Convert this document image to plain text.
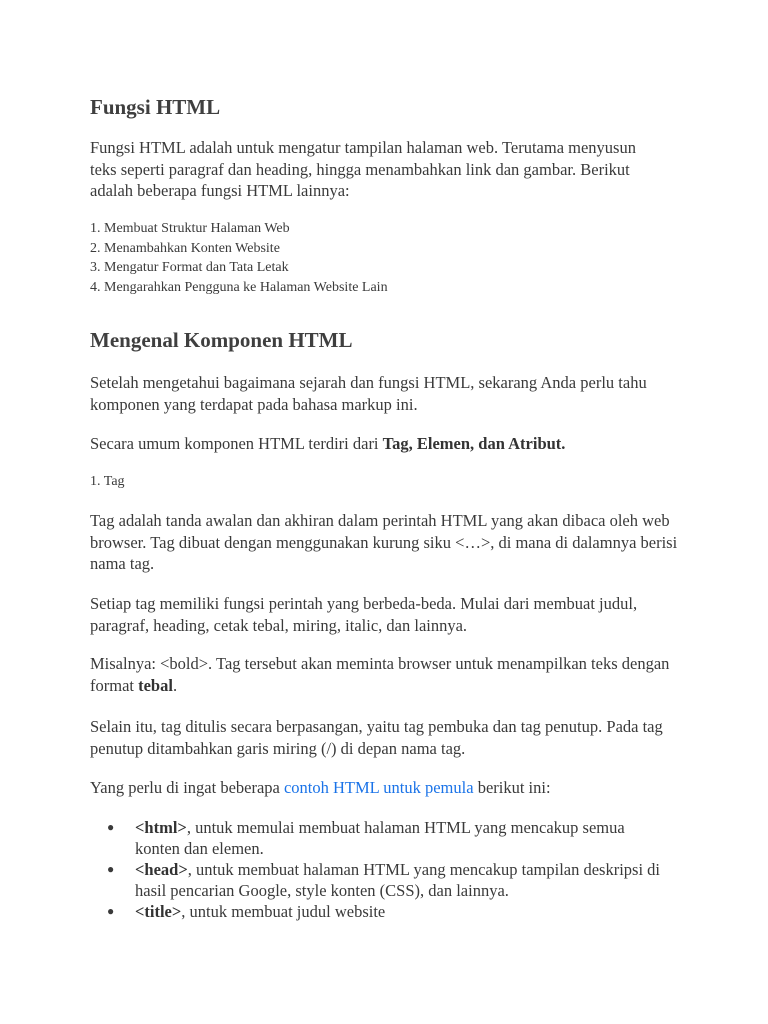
Fungsi HTML

Fungsi HTML adalah untuk mengatur tampilan halaman web. Terutama menyusun teks seperti paragraf dan heading, hingga menambahkan link dan gambar. Berikut adalah beberapa fungsi HTML lainnya:

1. Membuat Struktur Halaman Web
2. Menambahkan Konten Website
3. Mengatur Format dan Tata Letak
4. Mengarahkan Pengguna ke Halaman Website Lain
Mengenal Komponen HTML

Setelah mengetahui bagaimana sejarah dan fungsi HTML, sekarang Anda perlu tahu komponen yang terdapat pada bahasa markup ini.

Secara umum komponen HTML terdiri dari Tag, Elemen, dan Atribut.

1. Tag

Tag adalah tanda awalan dan akhiran dalam perintah HTML yang akan dibaca oleh web browser. Tag dibuat dengan menggunakan kurung siku <…>, di mana di dalamnya berisi nama tag.

Setiap tag memiliki fungsi perintah yang berbeda-beda. Mulai dari membuat judul, paragraf, heading, cetak tebal, miring, italic, dan lainnya.

Misalnya: <bold>. Tag tersebut akan meminta browser untuk menampilkan teks dengan format tebal.

Selain itu, tag ditulis secara berpasangan, yaitu tag pembuka dan tag penutup. Pada tag penutup ditambahkan garis miring (/) di depan nama tag.

Yang perlu di ingat beberapa contoh HTML untuk pemula berikut ini:

● <html>, untuk memulai membuat halaman HTML yang mencakup semua konten dan elemen.
● <head>, untuk membuat halaman HTML yang mencakup tampilan deskripsi di hasil pencarian Google, style konten (CSS), dan lainnya.
● <title>, untuk membuat judul website
